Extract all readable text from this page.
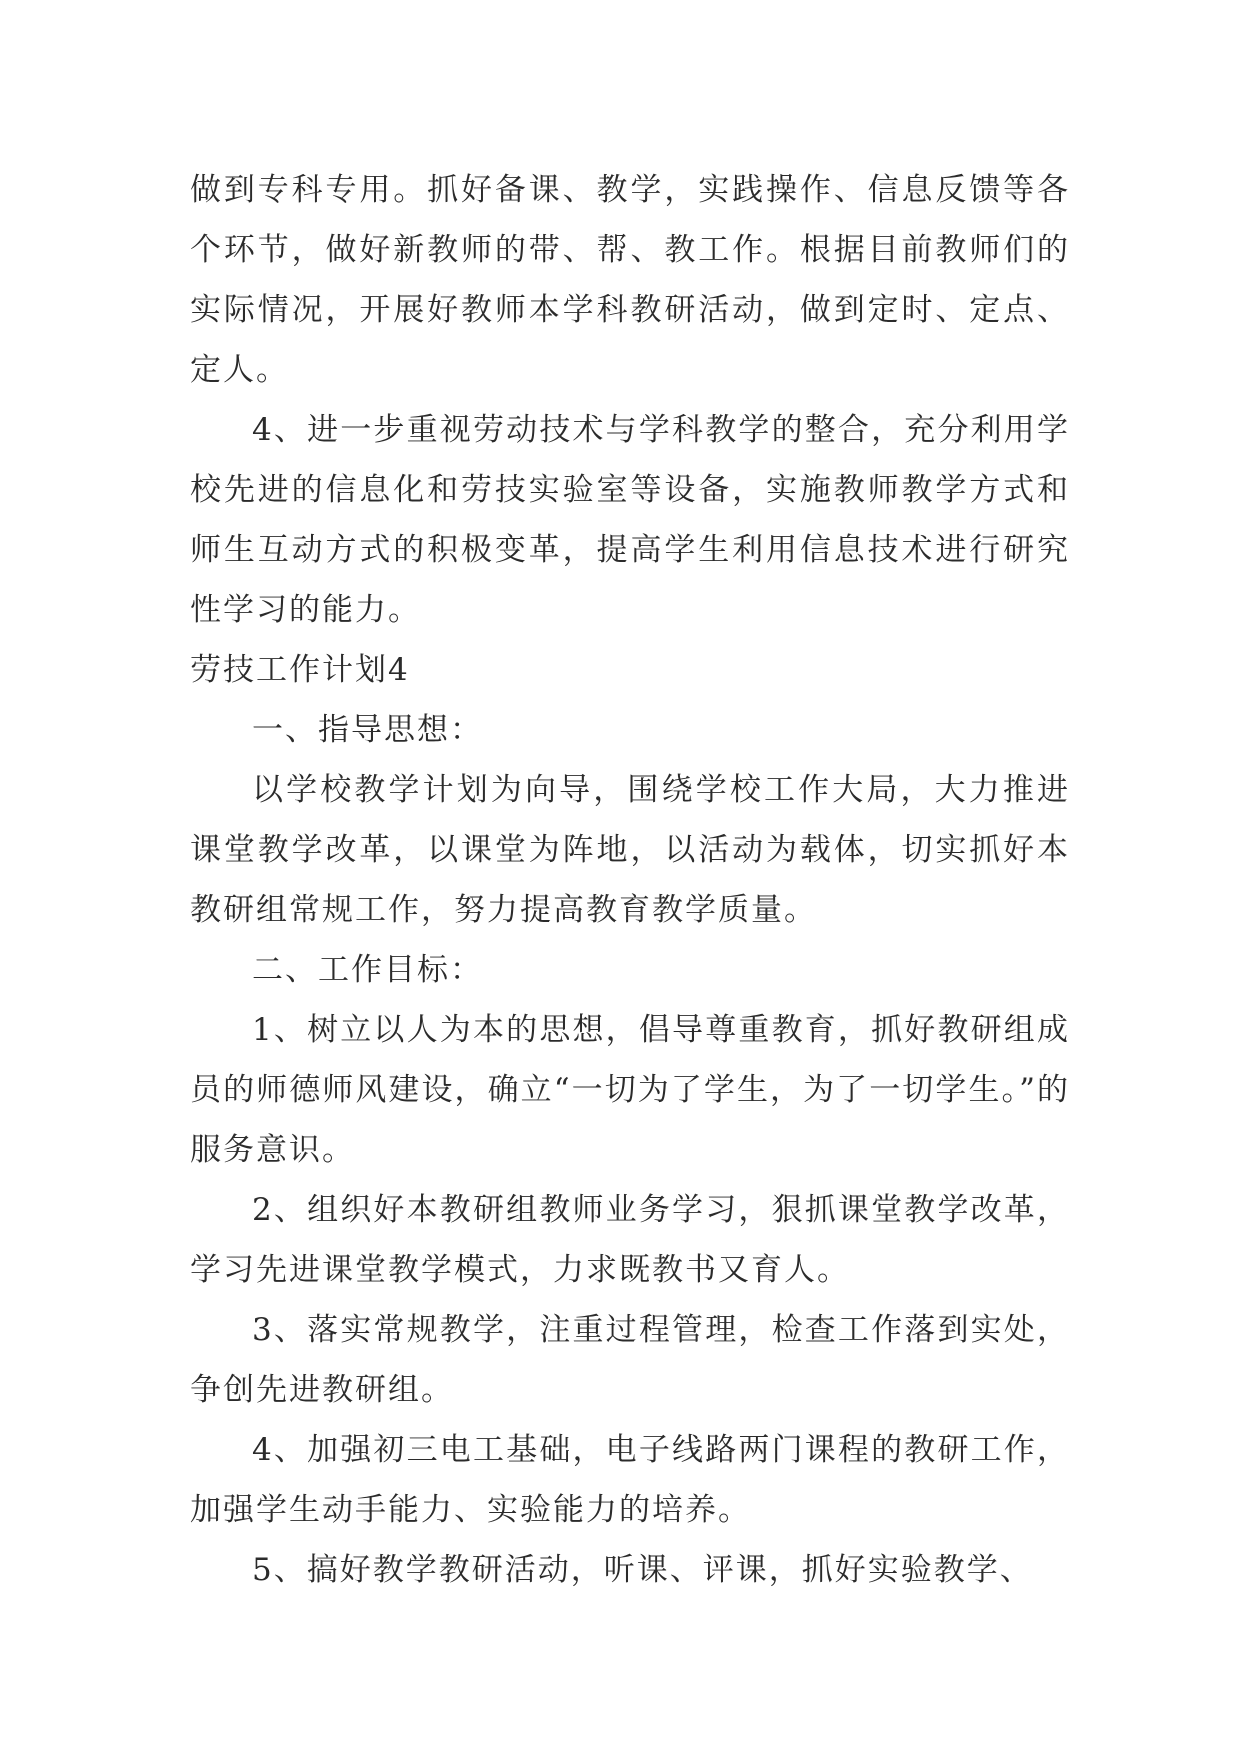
做到专科专用。抓好备课、教学，实践操作、信息反馈等各个环节，做好新教师的带、帮、教工作。根据目前教师们的实际情况，开展好教师本学科教研活动，做到定时、定点、定人。

4、进一步重视劳动技术与学科教学的整合，充分利用学校先进的信息化和劳技实验室等设备，实施教师教学方式和师生互动方式的积极变革，提高学生利用信息技术进行研究性学习的能力。

劳技工作计划4

一、指导思想：

以学校教学计划为向导，围绕学校工作大局，大力推进课堂教学改革，以课堂为阵地，以活动为载体，切实抓好本教研组常规工作，努力提高教育教学质量。

二、工作目标：

1、树立以人为本的思想，倡导尊重教育，抓好教研组成员的师德师风建设，确立“一切为了学生，为了一切学生。”的服务意识。

2、组织好本教研组教师业务学习，狠抓课堂教学改革，学习先进课堂教学模式，力求既教书又育人。

3、落实常规教学，注重过程管理，检查工作落到实处，争创先进教研组。

4、加强初三电工基础，电子线路两门课程的教研工作，加强学生动手能力、实验能力的培养。

5、搞好教学教研活动，听课、评课，抓好实验教学、
